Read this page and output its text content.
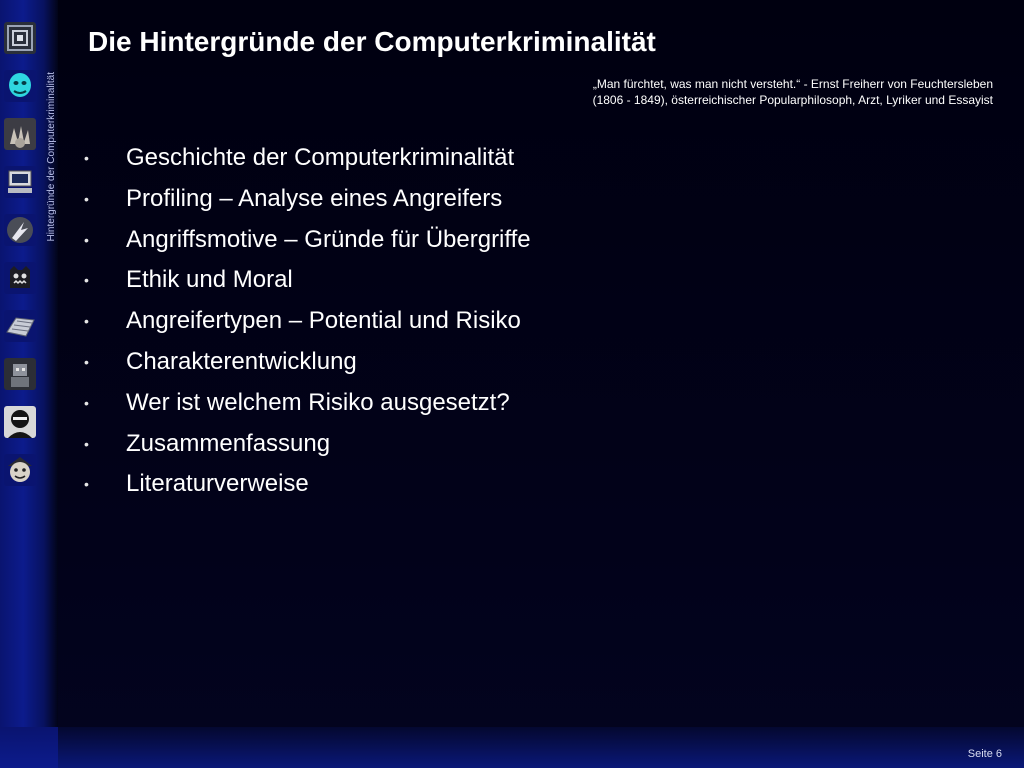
Hintergründe der Computerkriminalität
Die Hintergründe der Computerkriminalität
„Man fürchtet, was man nicht versteht.“ - Ernst Freiherr von Feuchtersleben
(1806 - 1849), österreichischer Popularphilosoph, Arzt, Lyriker und Essayist
• Geschichte der Computerkriminalität
• Profiling – Analyse eines Angreifers
• Angriffsmotive – Gründe für Übergriffe
• Ethik und Moral
• Angreifertypen – Potential und Risiko
• Charakterentwicklung
• Wer ist welchem Risiko ausgesetzt?
• Zusammenfassung
• Literaturverweise
Seite 6
